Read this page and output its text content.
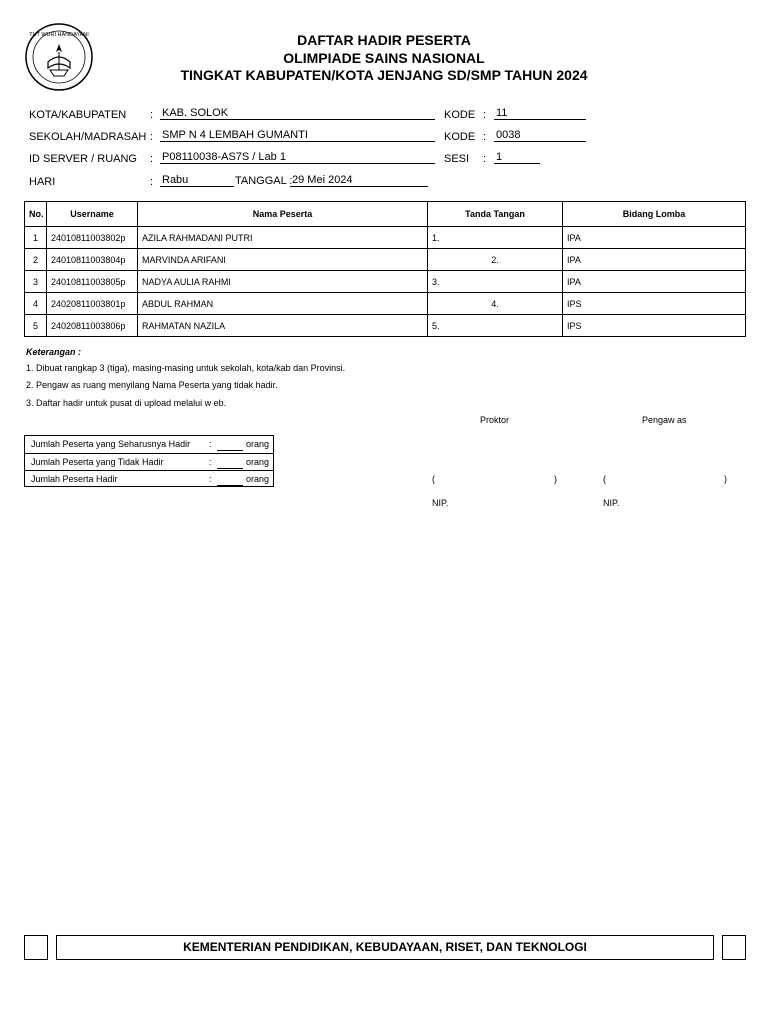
TUT WURI HANDAYANI	DAFTAR HADIR PESERTA
OLIMPIADE SAINS NASIONAL
TINGKAT KABUPATEN/KOTA JENJANG SD/SMP TAHUN 2024
KOTA/KABUPATEN : KAB. SOLOK
SEKOLAH/MADRASAH : SMP N 4 LEMBAH GUMANTI
ID SERVER / RUANG : P08110038-AS7S / Lab 1
HARI	: Rabu	TANGGAL : 29 Mei 2024
KODE : 11
KODE : 0038
SESI : 1
No.	Username	Nama Peserta	Tanda Tangan	Bidang Lomba
1	24010811003802p	AZILA RAHMADANI PUTRI	1.	IPA
2	24010811003804p	MARVINDA ARIFANI	2.	IPA
3	24010811003805p	NADYA AULIA RAHMI	3.	IPA
4	24020811003801p	ABDUL RAHMAN	4.	IPS
5	24020811003806p	RAHMATAN NAZILA	5.	IPS
Keterangan :
1. Dibuat rangkap 3 (tiga), masing-masing untuk sekolah, kota/kab dan Provinsi.
2. Pengaw as ruang menyilang Nama Peserta yang tidak hadir.
3. Daftar hadir untuk pusat di upload melalui w eb.
Proktor	Pengaw as
(	)	(	)
NIP.	NIP.
Jumlah Peserta yang Seharusnya Hadir :	orang
Jumlah Peserta yang Tidak Hadir	:	orang
Jumlah Peserta Hadir	:	orang
KEMENTERIAN PENDIDIKAN, KEBUDAYAAN, RISET, DAN TEKNOLOGI
